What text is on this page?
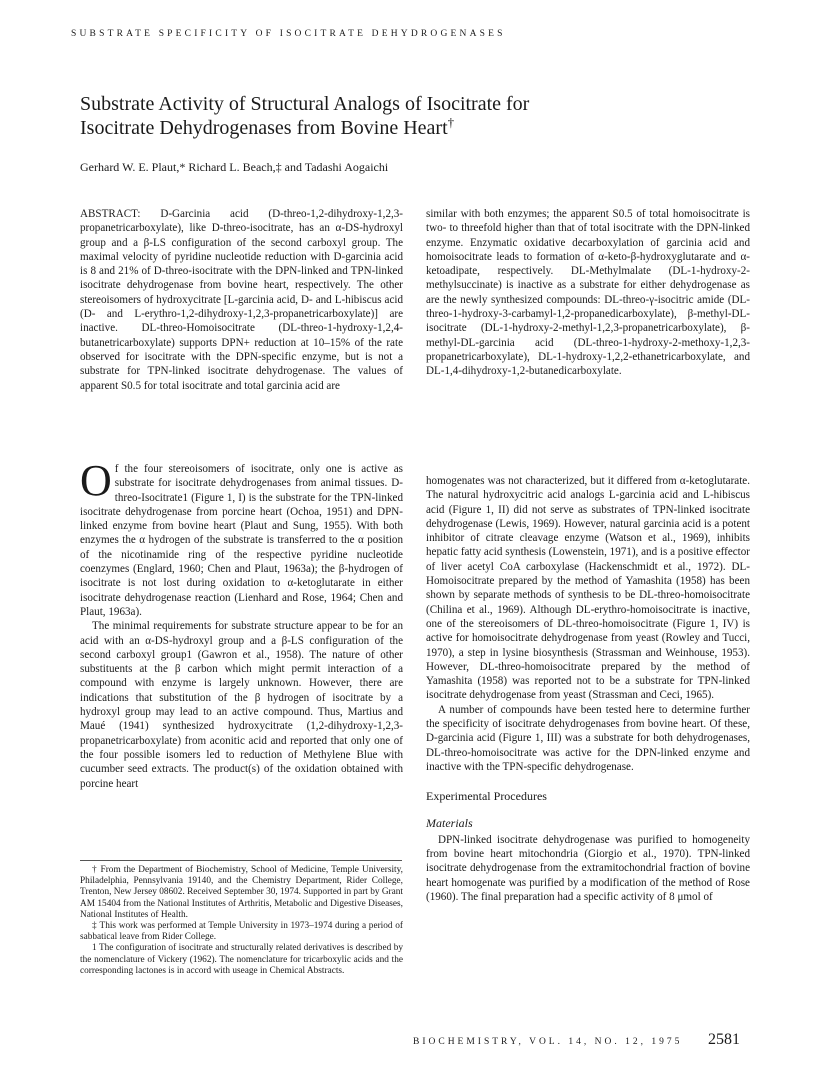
SUBSTRATE SPECIFICITY OF ISOCITRATE DEHYDROGENASES
Substrate Activity of Structural Analogs of Isocitrate for
Isocitrate Dehydrogenases from Bovine Heart†
Gerhard W. E. Plaut,* Richard L. Beach,‡ and Tadashi Aogaichi

ABSTRACT: D-Garcinia acid (D-threo-1,2-dihydroxy-1,2,3-propanetricarboxylate), like D-threo-isocitrate, has an α-DS-hydroxyl group and a β-LS configuration of the second carboxyl group. The maximal velocity of pyridine nucleotide reduction with D-garcinia acid is 8 and 21% of D-threo-isocitrate with the DPN-linked and TPN-linked isocitrate dehydrogenase from bovine heart, respectively. The other stereoisomers of hydroxycitrate [L-garcinia acid, D- and L-hibiscus acid (D- and L-erythro-1,2-dihydroxy-1,2,3-propanetricarboxylate)] are inactive. DL-threo-Homoisocitrate (DL-threo-1-hydroxy-1,2,4-butanetricarboxylate) supports DPN+ reduction at 10–15% of the rate observed for isocitrate with the DPN-specific enzyme, but is not a substrate for TPN-linked isocitrate dehydrogenase. The values of apparent S0.5 for total isocitrate and total garcinia acid are

similar with both enzymes; the apparent S0.5 of total homoisocitrate is two- to threefold higher than that of total isocitrate with the DPN-linked enzyme. Enzymatic oxidative decarboxylation of garcinia acid and homoisocitrate leads to formation of α-keto-β-hydroxyglutarate and α-ketoadipate, respectively. DL-Methylmalate (DL-1-hydroxy-2-methylsuccinate) is inactive as a substrate for either dehydrogenase as are the newly synthesized compounds: DL-threo-γ-isocitric amide (DL-threo-1-hydroxy-3-carbamyl-1,2-propanedicarboxylate), β-methyl-DL-isocitrate (DL-1-hydroxy-2-methyl-1,2,3-propanetricarboxylate), β-methyl-DL-garcinia acid (DL-threo-1-hydroxy-2-methoxy-1,2,3-propanetricarboxylate), DL-1-hydroxy-1,2,2-ethanetricarboxylate, and DL-1,4-dihydroxy-1,2-butanedicarboxylate.

Of the four stereoisomers of isocitrate, only one is active as substrate for isocitrate dehydrogenases from animal tissues. D-threo-Isocitrate1 (Figure 1, I) is the substrate for the TPN-linked isocitrate dehydrogenase from porcine heart (Ochoa, 1951) and DPN-linked enzyme from bovine heart (Plaut and Sung, 1955). With both enzymes the α hydrogen of the substrate is transferred to the α position of the nicotinamide ring of the respective pyridine nucleotide coenzymes (Englard, 1960; Chen and Plaut, 1963a); the β-hydrogen of isocitrate is not lost during oxidation to α-ketoglutarate in either isocitrate dehydrogenase reaction (Lienhard and Rose, 1964; Chen and Plaut, 1963a).

The minimal requirements for substrate structure appear to be for an acid with an α-DS-hydroxyl group and a β-LS configuration of the second carboxyl group1 (Gawron et al., 1958). The nature of other substituents at the β carbon which might permit interaction of a compound with enzyme is largely unknown. However, there are indications that substitution of the β hydrogen of isocitrate by a hydroxyl group may lead to an active compound. Thus, Martius and Maué (1941) synthesized hydroxycitrate (1,2-dihydroxy-1,2,3-propanetricarboxylate) from aconitic acid and reported that only one of the four possible isomers led to reduction of Methylene Blue with cucumber seed extracts. The product(s) of the oxidation obtained with porcine heart

† From the Department of Biochemistry, School of Medicine, Temple University, Philadelphia, Pennsylvania 19140, and the Chemistry Department, Rider College, Trenton, New Jersey 08602. Received September 30, 1974. Supported in part by Grant AM 15404 from the National Institutes of Arthritis, Metabolic and Digestive Diseases, National Institutes of Health.

‡ This work was performed at Temple University in 1973–1974 during a period of sabbatical leave from Rider College.

1 The configuration of isocitrate and structurally related derivatives is described by the nomenclature of Vickery (1962). The nomenclature for tricarboxylic acids and the corresponding lactones is in accord with useage in Chemical Abstracts.

homogenates was not characterized, but it differed from α-ketoglutarate. The natural hydroxycitric acid analogs L-garcinia acid and L-hibiscus acid (Figure 1, II) did not serve as substrates of TPN-linked isocitrate dehydrogenase (Lewis, 1969). However, natural garcinia acid is a potent inhibitor of citrate cleavage enzyme (Watson et al., 1969), inhibits hepatic fatty acid synthesis (Lowenstein, 1971), and is a positive effector of liver acetyl CoA carboxylase (Hackenschmidt et al., 1972). DL-Homoisocitrate prepared by the method of Yamashita (1958) has been shown by separate methods of synthesis to be DL-threo-homoisocitrate (Chilina et al., 1969). Although DL-erythro-homoisocitrate is inactive, one of the stereoisomers of DL-threo-homoisocitrate (Figure 1, IV) is active for homoisocitrate dehydrogenase from yeast (Rowley and Tucci, 1970), a step in lysine biosynthesis (Strassman and Weinhouse, 1953). However, DL-threo-homoisocitrate prepared by the method of Yamashita (1958) was reported not to be a substrate for TPN-linked isocitrate dehydrogenase from yeast (Strassman and Ceci, 1965).

A number of compounds have been tested here to determine further the specificity of isocitrate dehydrogenases from bovine heart. Of these, D-garcinia acid (Figure 1, III) was a substrate for both dehydrogenases, DL-threo-homoisocitrate was active for the DPN-linked enzyme and inactive with the TPN-specific dehydrogenase.

Experimental Procedures

Materials

DPN-linked isocitrate dehydrogenase was purified to homogeneity from bovine heart mitochondria (Giorgio et al., 1970). TPN-linked isocitrate dehydrogenase from the extramitochondrial fraction of bovine heart homogenate was purified by a modification of the method of Rose (1960). The final preparation had a specific activity of 8 μmol of

BIOCHEMISTRY, VOL. 14, NO. 12, 1975 2581
